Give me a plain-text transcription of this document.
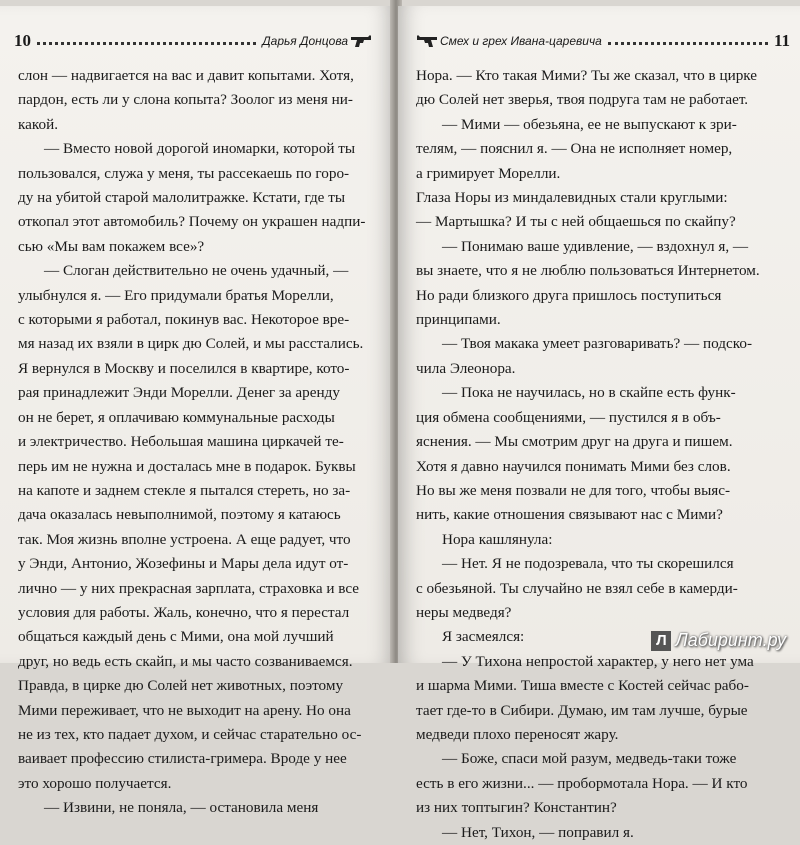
10	Дарья Донцова
слон — надвигается на вас и давит копытами. Хотя,
пардон, есть ли у слона копыта? Зоолог из меня ни-
какой.
— Вместо новой дорогой иномарки, которой ты
пользовался, служа у меня, ты рассекаешь по горо-
ду на убитой старой малолитражке. Кстати, где ты
откопал этот автомобиль? Почему он украшен надпи-
сью «Мы вам покажем все»?
— Слоган действительно не очень удачный, —
улыбнулся я. — Его придумали братья Морелли,
с которыми я работал, покинув вас. Некоторое вре-
мя назад их взяли в цирк дю Солей, и мы расстались.
Я вернулся в Москву и поселился в квартире, кото-
рая принадлежит Энди Морелли. Денег за аренду
он не берет, я оплачиваю коммунальные расходы
и электричество. Небольшая машина циркачей те-
перь им не нужна и досталась мне в подарок. Буквы
на капоте и заднем стекле я пытался стереть, но за-
дача оказалась невыполнимой, поэтому я катаюсь
так. Моя жизнь вполне устроена. А еще радует, что
у Энди, Антонио, Жозефины и Мары дела идут от-
лично — у них прекрасная зарплата, страховка и все
условия для работы. Жаль, конечно, что я перестал
общаться каждый день с Мими, она мой лучший
друг, но ведь есть скайп, и мы часто созваниваемся.
Правда, в цирке дю Солей нет животных, поэтому
Мими переживает, что не выходит на арену. Но она
не из тех, кто падает духом, и сейчас старательно ос-
ваивает профессию стилиста-гримера. Вроде у нее
это хорошо получается.
— Извини, не поняла, — остановила меня
Смех и грех Ивана-царевича	11
Нора. — Кто такая Мими? Ты же сказал, что в цирке
дю Солей нет зверья, твоя подруга там не работает.
— Мими — обезьяна, ее не выпускают к зри-
телям, — пояснил я. — Она не исполняет номер,
а гримирует Морелли.
Глаза Норы из миндалевидных стали круглыми:
— Мартышка? И ты с ней общаешься по скайпу?
— Понимаю ваше удивление, — вздохнул я, —
вы знаете, что я не люблю пользоваться Интернетом.
Но ради близкого друга пришлось поступиться
принципами.
— Твоя макака умеет разговаривать? — подско-
чила Элеонора.
— Пока не научилась, но в скайпе есть функ-
ция обмена сообщениями, — пустился я в объ-
яснения. — Мы смотрим друг на друга и пишем.
Хотя я давно научился понимать Мими без слов.
Но вы же меня позвали не для того, чтобы выяс-
нить, какие отношения связывают нас с Мими?
Нора кашлянула:
— Нет. Я не подозревала, что ты скорешился
с обезьяной. Ты случайно не взял себе в камерди-
неры медведя?
Я засмеялся:
— У Тихона непростой характер, у него нет ума
и шарма Мими. Тиша вместе с Костей сейчас рабо-
тает где-то в Сибири. Думаю, им там лучше, бурые
медведи плохо переносят жару.
— Боже, спаси мой разум, медведь-таки тоже
есть в его жизни... — пробормотала Нора. — И кто
из них топтыгин? Константин?
— Нет, Тихон, — поправил я.
Л Лабиринт.ру
